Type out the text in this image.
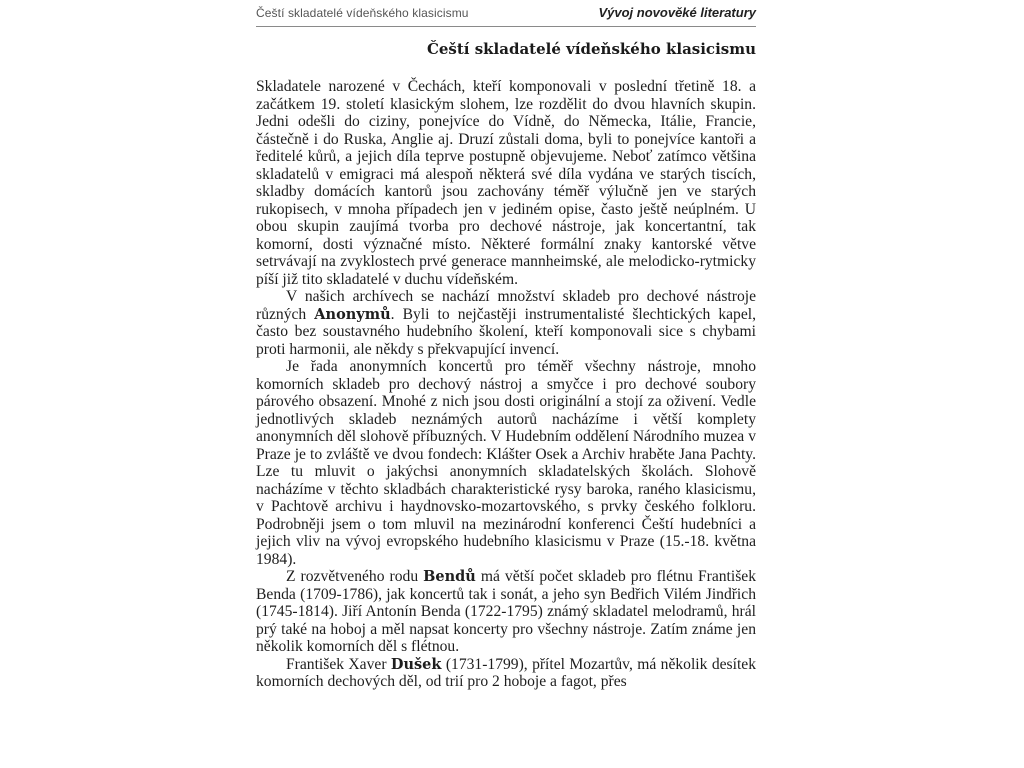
Čeští skladatelé vídeňského klasicismu	Vývoj novověké literatury
Čeští skladatelé vídeňského klasicismu

Skladatele narozené v Čechách, kteří komponovali v poslední třetině 18. a začátkem 19. století klasickým slohem, lze rozdělit do dvou hlavních skupin. Jedni odešli do ciziny, ponejvíce do Vídně, do Německa, Itálie, Francie, částečně i do Ruska, Anglie aj. Druzí zůstali doma, byli to ponejvíce kantoři a ředitelé kůrů, a jejich díla teprve postupně objevujeme. Neboť zatímco většina skladatelů v emigraci má alespoň některá své díla vydána ve starých tiscích, skladby domácích kantorů jsou zachovány téměř výlučně jen ve starých rukopisech, v mnoha případech jen v jediném opise, často ještě neúplném. U obou skupin zaujímá tvorba pro dechové nástroje, jak koncertantní, tak komorní, dosti význačné místo. Některé formální znaky kantorské větve setrvávají na zvyklostech prvé generace mannheimské, ale melodicko-rytmicky píší již tito skladatelé v duchu vídeňském.

V našich archívech se nachází množství skladeb pro dechové nástroje různých Anonymů. Byli to nejčastěji instrumentalisté šlechtických kapel, často bez soustavného hudebního školení, kteří komponovali sice s chybami proti harmonii, ale někdy s překvapující invencí.

Je řada anonymních koncertů pro téměř všechny nástroje, mnoho komorních skladeb pro dechový nástroj a smyčce i pro dechové soubory párového obsazení. Mnohé z nich jsou dosti originální a stojí za oživení. Vedle jednotlivých skladeb neznámých autorů nacházíme i větší komplety anonymních děl slohově příbuzných. V Hudebním oddělení Národního muzea v Praze je to zvláště ve dvou fondech: Klášter Osek a Archiv hraběte Jana Pachty. Lze tu mluvit o jakýchsi anonymních skladatelských školách. Slohově nacházíme v těchto skladbách charakteristické rysy baroka, raného klasicismu, v Pachtově archivu i haydnovsko-mozartovského, s prvky českého folkloru. Podrobněji jsem o tom mluvil na mezinárodní konferenci Čeští hudebníci a jejich vliv na vývoj evropského hudebního klasicismu v Praze (15.-18. května 1984).

Z rozvětveného rodu Bendů má větší počet skladeb pro flétnu František Benda (1709-1786), jak koncertů tak i sonát, a jeho syn Bedřich Vilém Jindřich (1745-1814). Jiří Antonín Benda (1722-1795) známý skladatel melodramů, hrál prý také na hoboj a měl napsat koncerty pro všechny nástroje. Zatím známe jen několik komorních děl s flétnou.

František Xaver Dušek (1731-1799), přítel Mozartův, má několik desítek komorních dechových děl, od trií pro 2 hoboje a fagot, přes
